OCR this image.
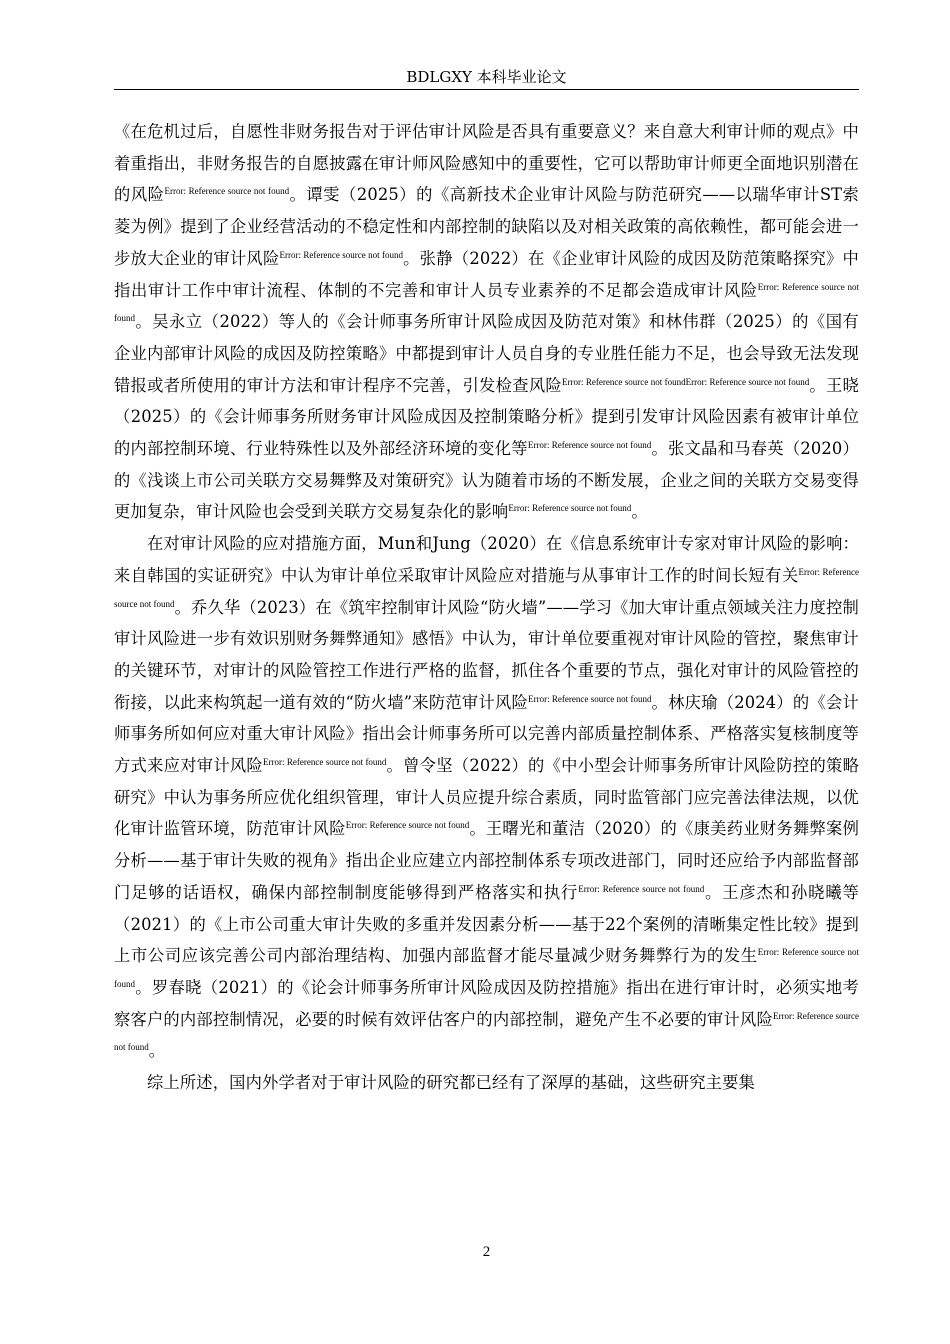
BDLGXY 本科毕业论文

《在危机过后，自愿性非财务报告对于评估审计风险是否具有重要意义？来自意大利审计师的观点》中着重指出，非财务报告的自愿披露在审计师风险感知中的重要性，它可以帮助审计师更全面地识别潜在的风险$^{Error: Reference source not found}$。谭雯（2025）的《高新技术企业审计风险与防范研究——以瑞华审计ST索菱为例》提到了企业经营活动的不稳定性和内部控制的缺陷以及对相关政策的高依赖性，都可能会进一步放大企业的审计风险$^{Error: Reference source not found}$。张静（2022）在《企业审计风险的成因及防范策略探究》中指出审计工作中审计流程、体制的不完善和审计人员专业素养的不足都会造成审计风险$^{Error: Reference source not found}$。吴永立（2022）等人的《会计师事务所审计风险成因及防范对策》和林伟群（2025）的《国有企业内部审计风险的成因及防控策略》中都提到审计人员自身的专业胜任能力不足，也会导致无法发现错报或者所使用的审计方法和审计程序不完善，引发检查风险$^{Error: Reference source not foundError: Reference source not found}$。王晓（2025）的《会计师事务所财务审计风险成因及控制策略分析》提到引发审计风险因素有被审计单位的内部控制环境、行业特殊性以及外部经济环境的变化等$^{Error: Reference source not found}$。张文晶和马春英（2020）的《浅谈上市公司关联方交易舞弊及对策研究》认为随着市场的不断发展，企业之间的关联方交易变得更加复杂，审计风险也会受到关联方交易复杂化的影响$^{Error: Reference source not found}$。

在对审计风险的应对措施方面，Mun和Jung（2020）在《信息系统审计专家对审计风险的影响：来自韩国的实证研究》中认为审计单位采取审计风险应对措施与从事审计工作的时间长短有关$^{Error: Reference source not found}$。乔久华（2023）在《筑牢控制审计风险“防火墙”——学习《加大审计重点领域关注力度控制审计风险进一步有效识别财务舞弊通知》感悟》中认为，审计单位要重视对审计风险的管控，聚焦审计的关键环节，对审计的风险管控工作进行严格的监督，抓住各个重要的节点，强化对审计的风险管控的衔接，以此来构筑起一道有效的“防火墙”来防范审计风险$^{Error: Reference source not found}$。林庆瑜（2024）的《会计师事务所如何应对重大审计风险》指出会计师事务所可以完善内部质量控制体系、严格落实复核制度等方式来应对审计风险$^{Error: Reference source not found}$。曾令坚（2022）的《中小型会计师事务所审计风险防控的策略研究》中认为事务所应优化组织管理，审计人员应提升综合素质，同时监管部门应完善法律法规，以优化审计监管环境，防范审计风险$^{Error: Reference source not found}$。王曙光和董洁（2020）的《康美药业财务舞弊案例分析——基于审计失败的视角》指出企业应建立内部控制体系专项改进部门，同时还应给予内部监督部门足够的话语权，确保内部控制制度能够得到严格落实和执行$^{Error: Reference source not found}$。王彦杰和孙晓曦等（2021）的《上市公司重大审计失败的多重并发因素分析——基于22个案例的清晰集定性比较》提到上市公司应该完善公司内部治理结构、加强内部监督才能尽量减少财务舞弊行为的发生$^{Error: Reference source not found}$。罗春晓（2021）的《论会计师事务所审计风险成因及防控措施》指出在进行审计时，必须实地考察客户的内部控制情况，必要的时候有效评估客户的内部控制，避免产生不必要的审计风险$^{Error: Reference source not found}$。

综上所述，国内外学者对于审计风险的研究都已经有了深厚的基础，这些研究主要集

2
